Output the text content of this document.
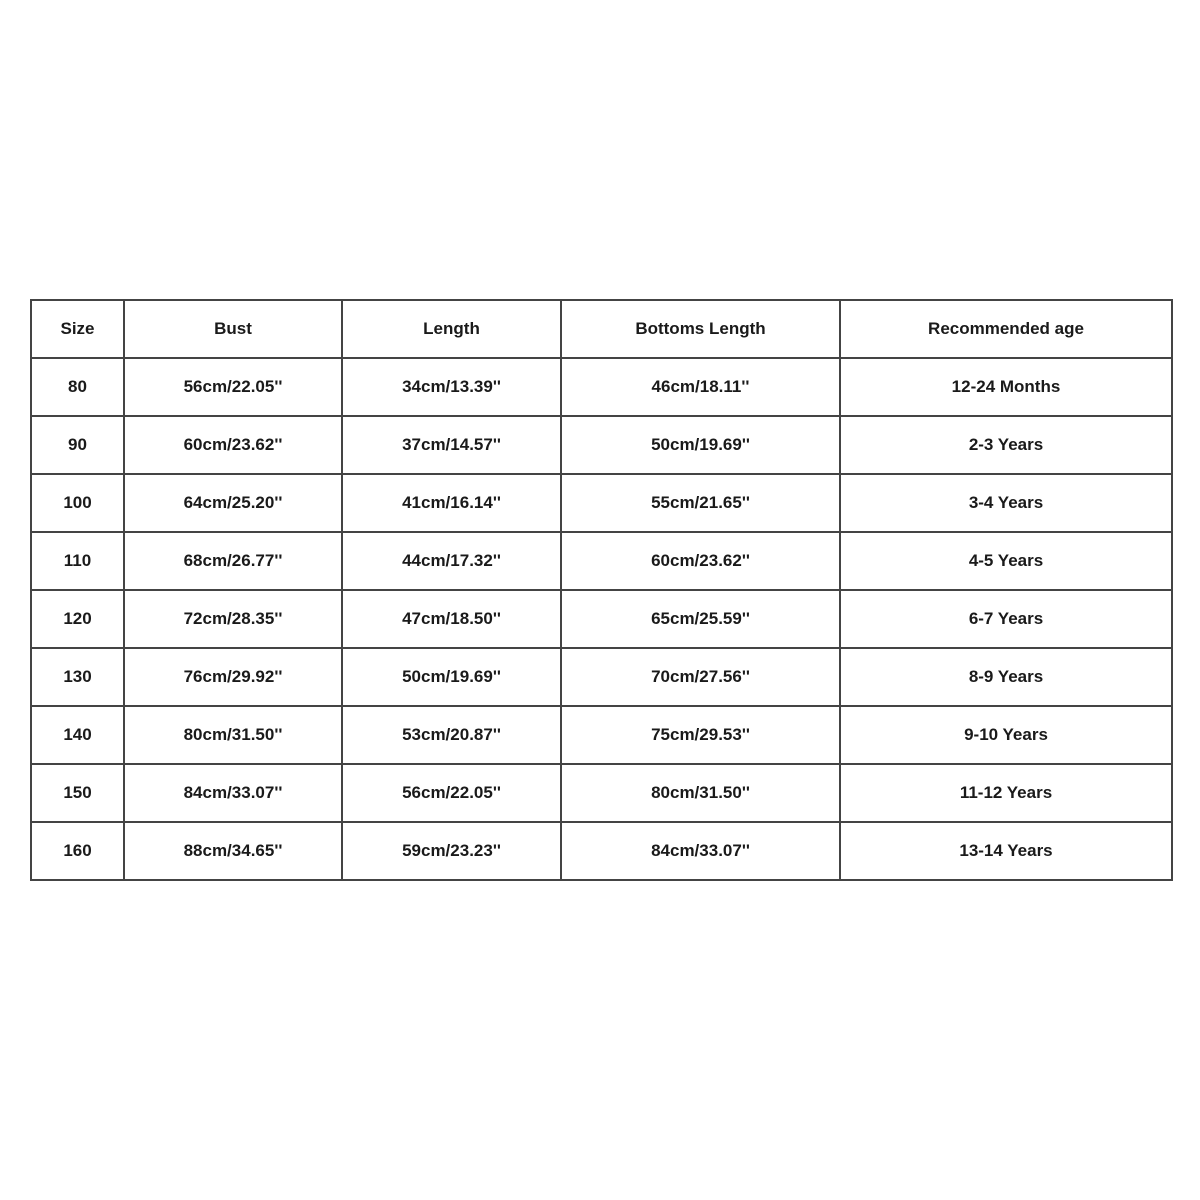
Size	Bust	Length	Bottoms Length	Recommended age
80	56cm/22.05''	34cm/13.39''	46cm/18.11''	12-24 Months
90	60cm/23.62''	37cm/14.57''	50cm/19.69''	2-3 Years
100	64cm/25.20''	41cm/16.14''	55cm/21.65''	3-4 Years
110	68cm/26.77''	44cm/17.32''	60cm/23.62''	4-5 Years
120	72cm/28.35''	47cm/18.50''	65cm/25.59''	6-7 Years
130	76cm/29.92''	50cm/19.69''	70cm/27.56''	8-9 Years
140	80cm/31.50''	53cm/20.87''	75cm/29.53''	9-10 Years
150	84cm/33.07''	56cm/22.05''	80cm/31.50''	11-12 Years
160	88cm/34.65''	59cm/23.23''	84cm/33.07''	13-14 Years
